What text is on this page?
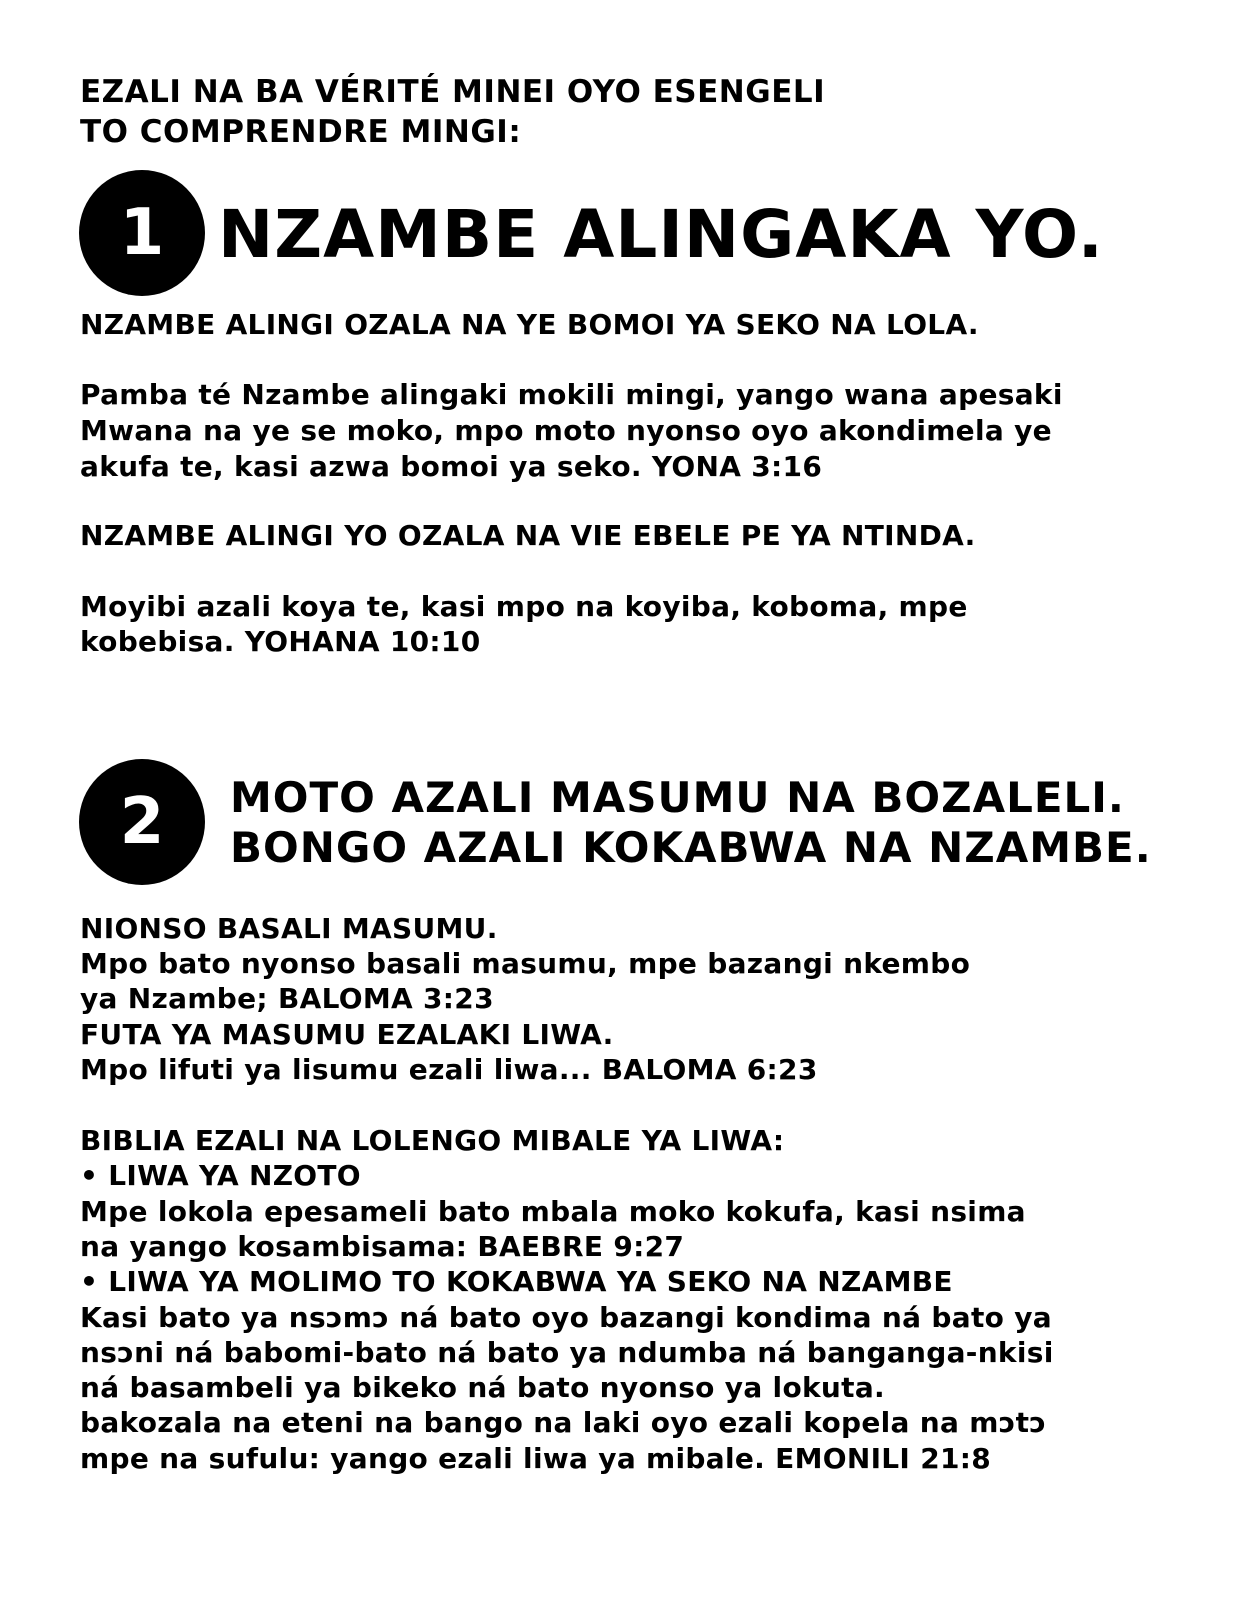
EZALI NA BA VÉRITÉ MINEI OYO ESENGELI
TO COMPRENDRE MINGI:
1 NZAMBE ALINGAKA YO.
NZAMBE ALINGI OZALA NA YE BOMOI YA SEKO NA LOLA.
Pamba té Nzambe alingaki mokili mingi, yango wana apesaki
Mwana na ye se moko, mpo moto nyonso oyo akondimela ye
akufa te, kasi azwa bomoi ya seko. YONA 3:16
NZAMBE ALINGI YO OZALA NA VIE EBELE PE YA NTINDA.
Moyibi azali koya te, kasi mpo na koyiba, koboma, mpe
kobebisa. YOHANA 10:10
2	MOTO AZALI MASUMU NA BOZALELI.
BONGO AZALI KOKABWA NA NZAMBE.
NIONSO BASALI MASUMU.
Mpo bato nyonso basali masumu, mpe bazangi nkembo
ya Nzambe; BALOMA 3:23
FUTA YA MASUMU EZALAKI LIWA.
Mpo lifuti ya lisumu ezali liwa... BALOMA 6:23
BIBLIA EZALI NA LOLENGO MIBALE YA LIWA:
• LIWA YA NZOTO
Mpe lokola epesameli bato mbala moko kokufa, kasi nsima
na yango kosambisama: BAEBRE 9:27
• LIWA YA MOLIMO TO KOKABWA YA SEKO NA NZAMBE
Kasi bato ya nsɔmɔ ná bato oyo bazangi kondima ná bato ya
nsɔni ná babomi-bato ná bato ya ndumba ná banganga-nkisi
ná basambeli ya bikeko ná bato nyonso ya lokuta.
bakozala na eteni na bango na laki oyo ezali kopela na mɔtɔ
mpe na sufulu: yango ezali liwa ya mibale. EMONILI 21:8
